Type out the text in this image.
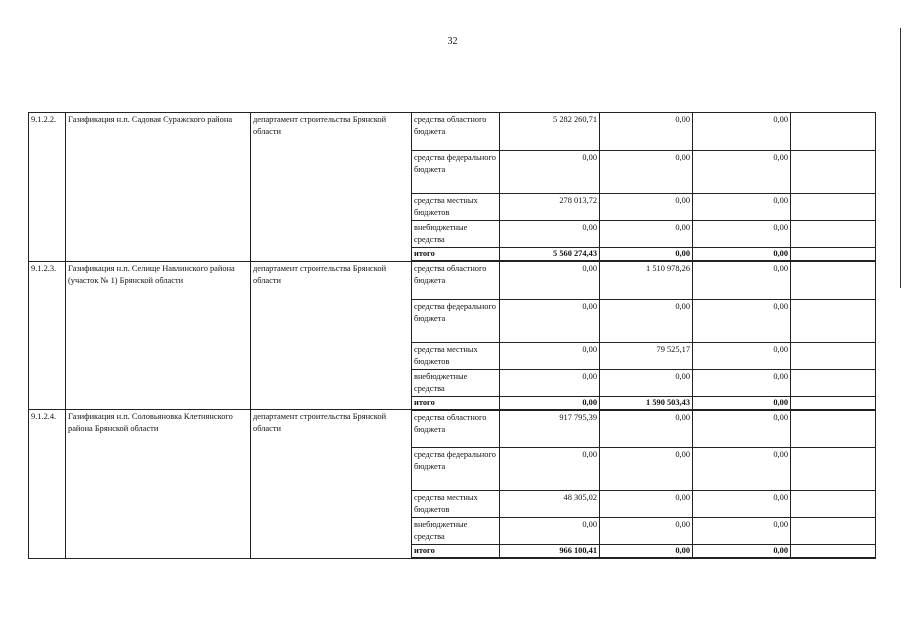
32
9.1.2.2.	Газификация н.п. Садовая Суражского района	департамент строительства Брянской области	средства областного бюджета	5 282 260,71	0,00	0,00	
			средства федерального бюджета	0,00	0,00	0,00	
			средства местных бюджетов	278 013,72	0,00	0,00	
			внебюджетные средства	0,00	0,00	0,00	
			итого	5 560 274,43	0,00	0,00	
9.1.2.3.	Газификация н.п. Селище Навлинского района (участок № 1) Брянской области	департамент строительства Брянской области	средства областного бюджета	0,00	1 510 978,26	0,00	
			средства федерального бюджета	0,00	0,00	0,00	
			средства местных бюджетов	0,00	79 525,17	0,00	
			внебюджетные средства	0,00	0,00	0,00	
			итого	0,00	1 590 503,43	0,00	
9.1.2.4.	Газификация н.п. Соловьяновка Клетнянского района Брянской области	департамент строительства Брянской области	средства областного бюджета	917 795,39	0,00	0,00	
			средства федерального бюджета	0,00	0,00	0,00	
			средства местных бюджетов	48 305,02	0,00	0,00	
			внебюджетные средства	0,00	0,00	0,00	
			итого	966 100,41	0,00	0,00	
